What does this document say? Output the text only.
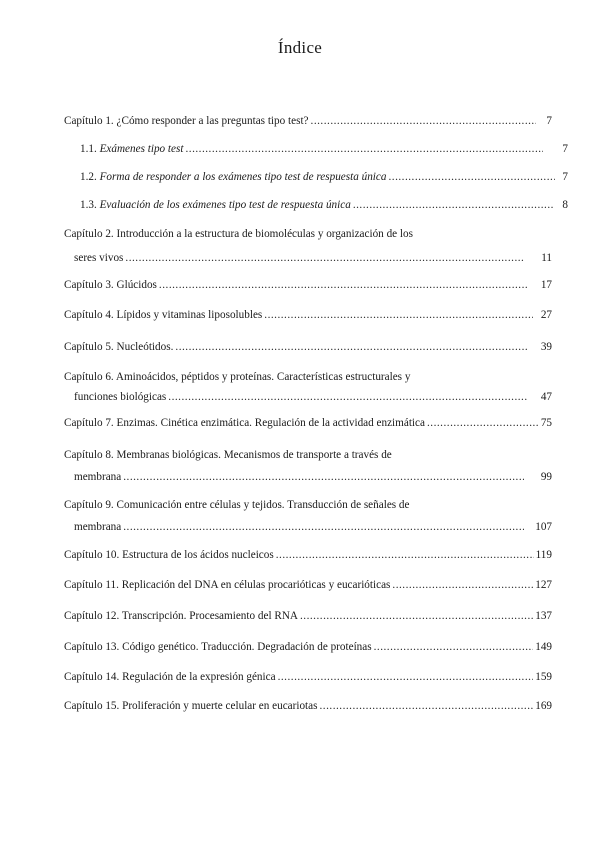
Índice
Capítulo 1. ¿Cómo responder a las preguntas tipo test? .....	7
1.1. Exámenes tipo test .....	7
1.2. Forma de responder a los exámenes tipo test de respuesta única .....	7
1.3. Evaluación de los exámenes tipo test de respuesta única .....	8
Capítulo 2. Introducción a la estructura de biomoléculas y organización de los
seres vivos .....	11
Capítulo 3. Glúcidos .....	17
Capítulo 4. Lípidos y vitaminas liposolubles .....	27
Capítulo 5. Nucleótidos. .....	39
Capítulo 6. Aminoácidos, péptidos y proteínas. Características estructurales y
funciones biológicas .....	47
Capítulo 7. Enzimas. Cinética enzimática. Regulación de la actividad enzimática .....	75
Capítulo 8. Membranas biológicas. Mecanismos de transporte a través de
membrana .....	99
Capítulo 9. Comunicación entre células y tejidos. Transducción de señales de
membrana .....	107
Capítulo 10. Estructura de los ácidos nucleicos .....	119
Capítulo 11. Replicación del DNA en células procarióticas y eucarióticas .....	127
Capítulo 12. Transcripción. Procesamiento del RNA .....	137
Capítulo 13. Código genético. Traducción. Degradación de proteínas .....	149
Capítulo 14. Regulación de la expresión génica .....	159
Capítulo 15. Proliferación y muerte celular en eucariotas .....	169
